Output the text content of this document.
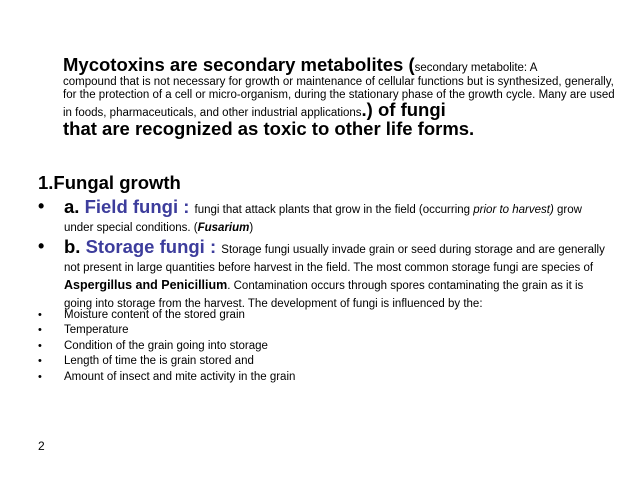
Mycotoxins are secondary metabolites (secondary metabolite: A
compound that is not necessary for growth or maintenance of cellular functions but is synthesized, generally, for the protection of a cell or micro-organism, during the stationary phase of the growth cycle. Many are used in foods, pharmaceuticals, and other industrial applications.) of fungi
that are recognized as toxic to other life forms.
1.Fungal growth
• a. Field fungi : fungi that attack plants that grow in the field (occurring prior to harvest) grow under special conditions. (Fusarium)
• b. Storage fungi : Storage fungi usually invade grain or seed during storage and are generally not present in large quantities before harvest in the field. The most common storage fungi are species of Aspergillus and Penicillium. Contamination occurs through spores contaminating the grain as it is going into storage from the harvest. The development of fungi is influenced by the:
• Moisture content of the stored grain
• Temperature
• Condition of the grain going into storage
• Length of time the is grain stored and
• Amount of insect and mite activity in the grain
2
